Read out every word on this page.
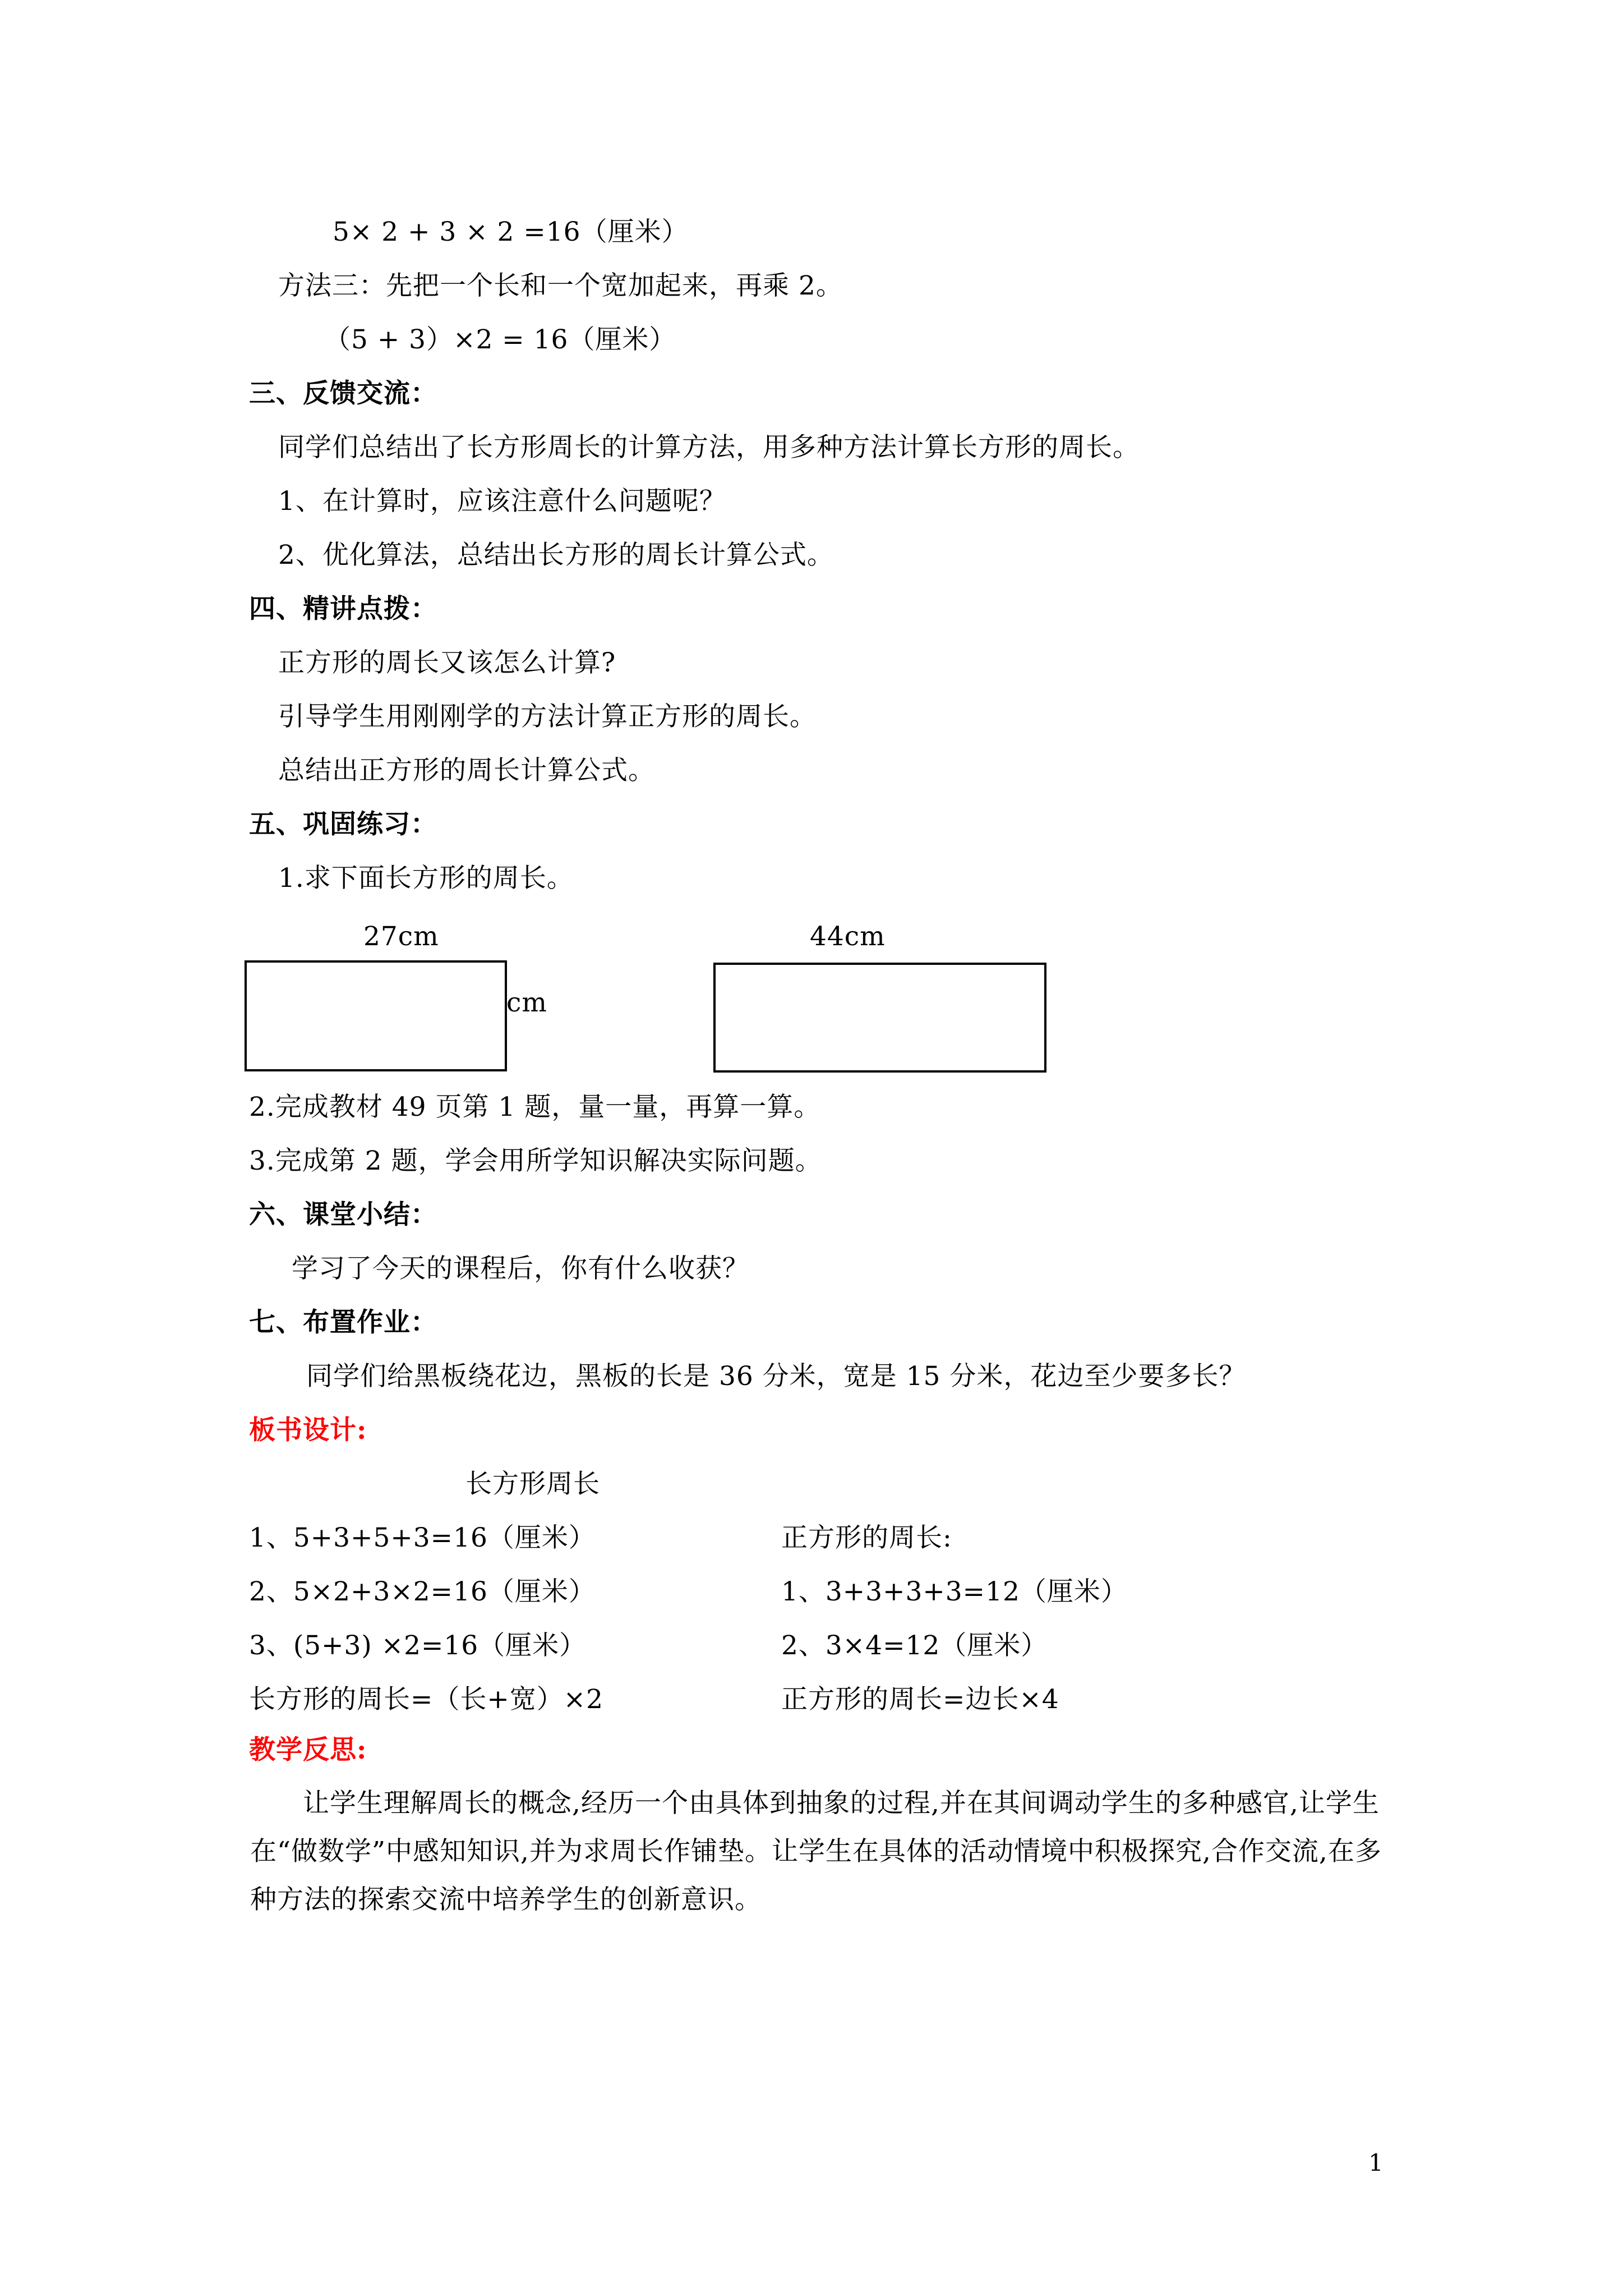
5× 2 + 3 × 2 =16（厘米）
方法三：先把一个长和一个宽加起来，再乘 2。
（5 + 3）×2 = 16（厘米）
三、反馈交流：
同学们总结出了长方形周长的计算方法，用多种方法计算长方形的周长。
1、在计算时，应该注意什么问题呢？
2、优化算法，总结出长方形的周长计算公式。
四、精讲点拨：
正方形的周长又该怎么计算?
引导学生用刚刚学的方法计算正方形的周长。
总结出正方形的周长计算公式。
五、巩固练习：
1.求下面长方形的周长。
27cm
cm
44cm
2.完成教材 49 页第 1 题，量一量，再算一算。
3.完成第 2 题，学会用所学知识解决实际问题。
六、课堂小结：
学习了今天的课程后，你有什么收获？
七、布置作业：
同学们给黑板绕花边，黑板的长是 36 分米，宽是 15 分米，花边至少要多长？
板书设计:
长方形周长
1、5+3+5+3=16（厘米）
2、5×2+3×2=16（厘米）
3、(5+3) ×2=16（厘米）
长方形的周长=（长+宽）×2
正方形的周长:
1、3+3+3+3=12（厘米）
2、3×4=12（厘米）
正方形的周长=边长×4
教学反思:
让学生理解周长的概念,经历一个由具体到抽象的过程,并在其间调动学生的多种感官,让学生在“做数学”中感知知识,并为求周长作铺垫。让学生在具体的活动情境中积极探究,合作交流,在多种方法的探索交流中培养学生的创新意识。
1
